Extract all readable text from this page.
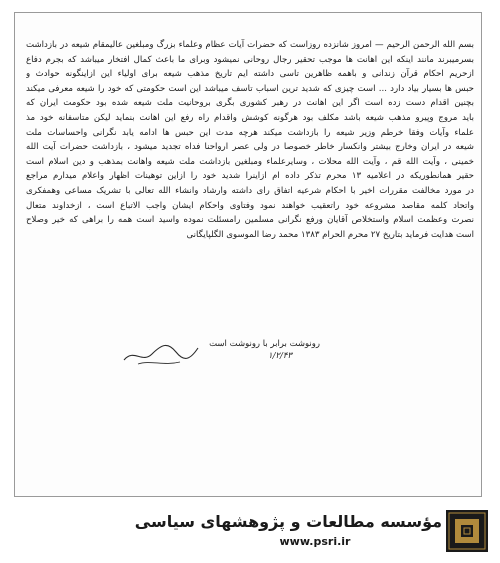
بسم الله الرحمن الرحيم — امروز شانزده روزاست که حضرات آیات عظام وعلماء بزرگ ومبلغین عالیمقام شیعه در بازداشت
بسرمیبرند مانند اینکه این اهانت ها موجب تحقیر رجال روحانی نمیشود وبرای ما باعث کمال افتخار میباشد که بجرم دفاع
ازحریم احکام قرآن زندانی و باهمه ظاهرین تاسی داشته ایم تاریخ مذهب شیعه برای اولیاء این ازاینگونه حوادث و
حبس ها بسیار بیاد دارد ... است چیزی که شدید ترین اسباب تاسف میباشد این است حکومتی که خود را شیعه معرفی میکند
بچنین اقدام دست زده است اگر این اهانت در رهبر کشوری بگری بروحانیت ملت شیعه شده بود حکومت ایران که
باید مروج وپیرو مذهب شیعه باشد مکلف بود هرگونه کوشش واقدام راه رفع این اهانت بنماید لیکن متاسفانه خود مذ
علماء وآیات وفقا خرطم وزیر شیعه را بازداشت میکند هرچه مدت این حبس ها ادامه یابد نگرانی واحساسات ملت
شیعه در ایران وخارج بیشتر وانکسار خاطر خصوصا در ولی عصر ارواحنا فداه تجدید میشود ، بازداشت حضرات آیت الله
خمینی ، وآیت الله قم ، وآیت الله محلات ، وسایرعلماء ومبلغین بازداشت ملت شیعه واهانت بمذهب و دین اسلام است
حقیر همانطوریکه در اعلامیه ۱۳ محرم تذکر داده ام ازاینرا شدید خود را ازاین توهینات اظهار واعلام میدارم مراجع
در مورد مخالفت مقررات اخیر با احکام شرعیه اتفاق رای داشته وارشاد وانشاء الله تعالی با تشریک مساعی وهمفکری
واتحاد کلمه مقاصد مشروعه خود راتعقیب خواهند نمود وفتاوی واحکام ایشان واجب الاتباع است ، ازخداوند متعال
نصرت وعظمت اسلام واستخلاص آقایان ورفع نگرانی مسلمین رامسئلت نموده واسید است همه را براهی که خیر وصلاح
است هدایت فرماید بتاریخ ۲۷ محرم الحرام ۱۳۸۳ محمد رضا الموسوی الگلپایگانی
رونوشت برابر با رونوشت است
۱/۲/۴۳
مؤسسه مطالعات و پژوهشهای سیاسی
www.psri.ir
